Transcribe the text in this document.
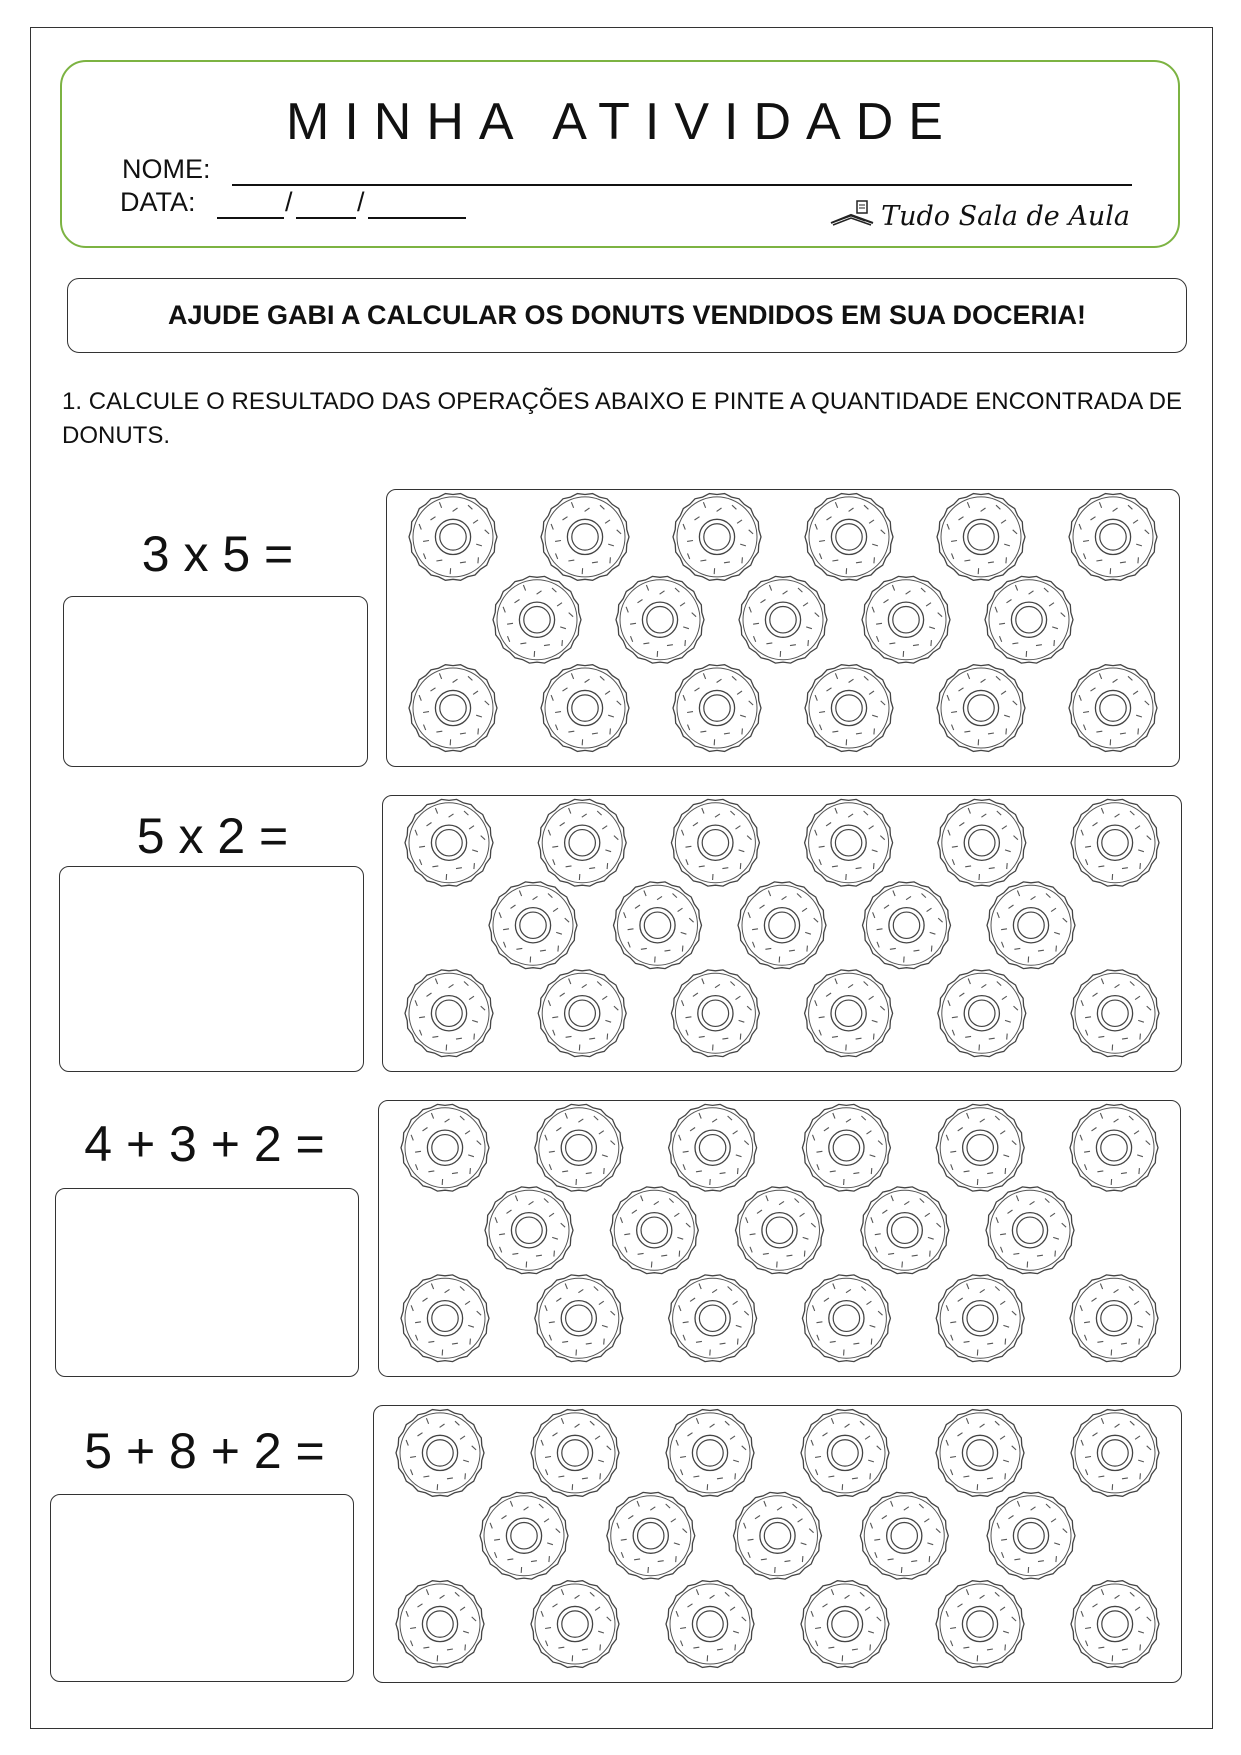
MINHA ATIVIDADE
NOME:
DATA:	/ /	Tudo Sala de Aula
AJUDE GABI A CALCULAR OS DONUTS VENDIDOS EM SUA DOCERIA!
1. CALCULE O RESULTADO DAS OPERAÇÕES ABAIXO E PINTE A QUANTIDADE ENCONTRADA DE DONUTS.
3 x 5 =
5 x 2 =
4 + 3 + 2 =
5 + 8 + 2 =
